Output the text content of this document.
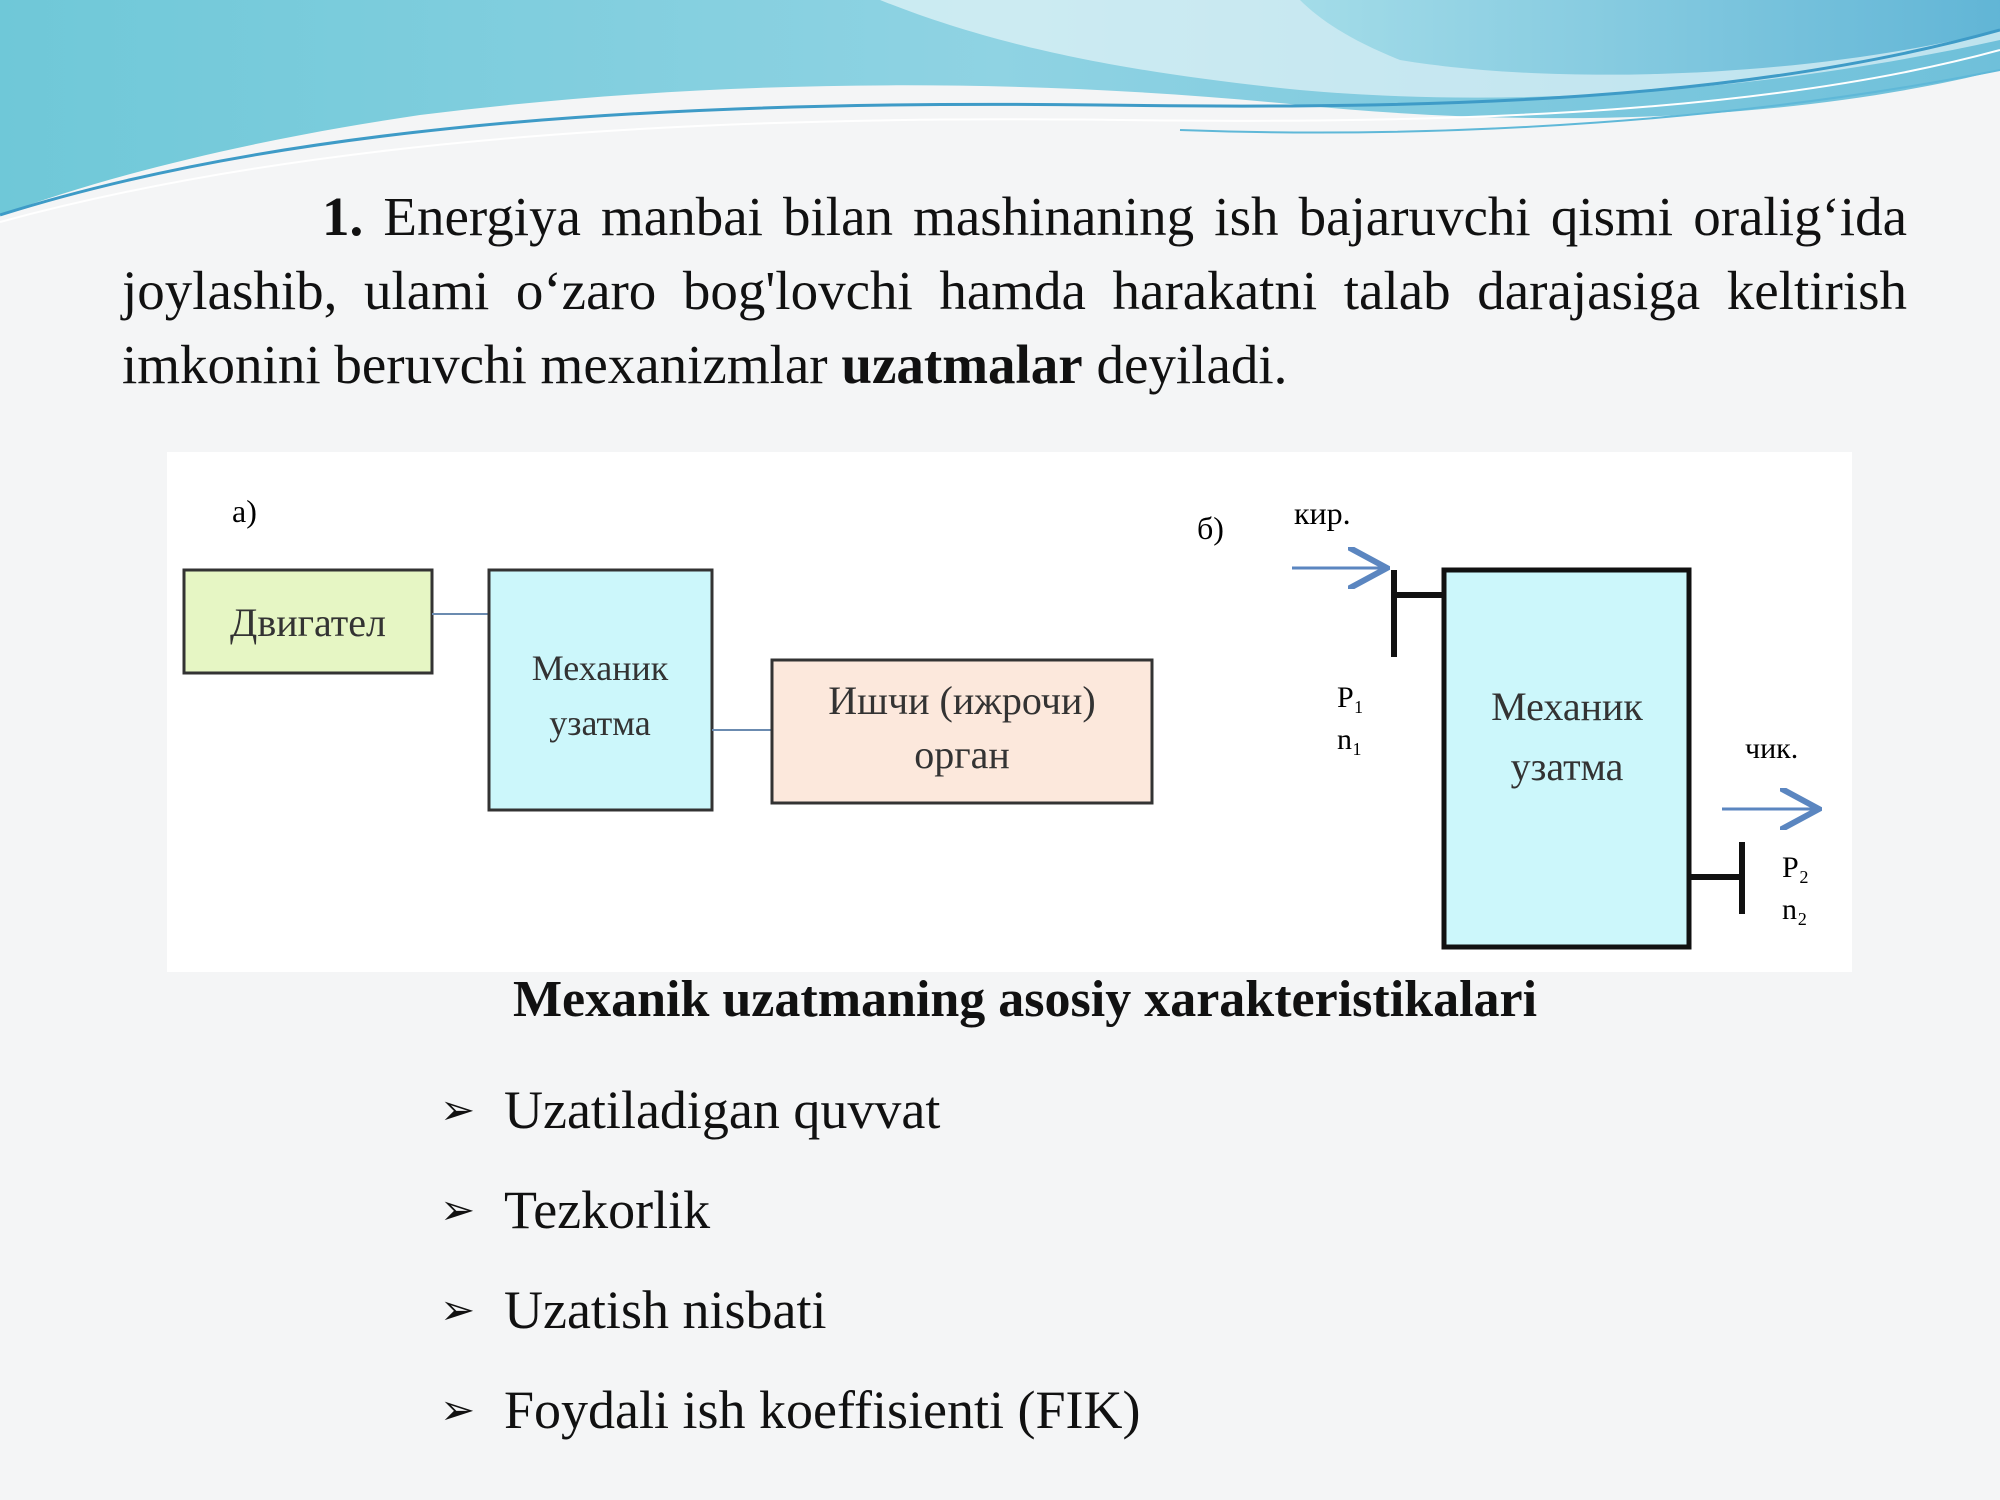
1. Energiya manbai bilan mashinaning ish bajaruvchi qismi oralig‘ida joylashib, ulami o‘zaro bog'lovchi hamda harakatni talab darajasiga keltirish imkonini beruvchi mexanizmlar uzatmalar deyiladi.

а)
Двигател
Механик
узатма	Ишчи (ижрочи)
орган
б) кир.
P₁
n₁
Механик
узатма	чик.
P₂
n₂

Mexanik uzatmaning asosiy xarakteristikalari

➢ Uzatiladigan quvvat
➢ Tezkorlik
➢ Uzatish nisbati
➢ Foydali ish koeffisienti (FIK)
